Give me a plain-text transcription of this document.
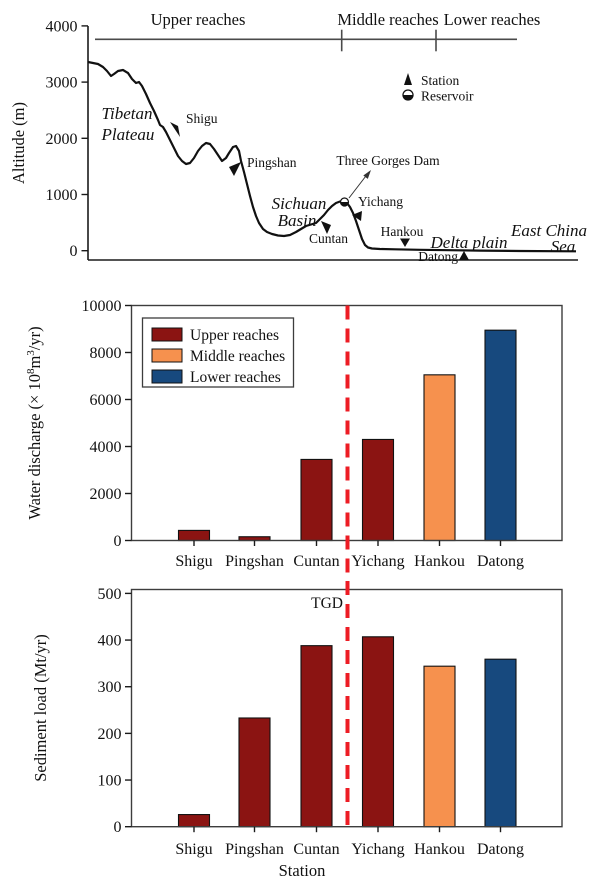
0
1000
2000
3000
4000
Altitude (m)
Upper reaches	Middle reaches Lower reaches
Station
Reservoir
Shigu
Pingshan
Cuntan
Yichang
Hankou
Datong
Three Gorges Dam
Tibetan
Plateau
Sichuan
Basin
Delta plain
East China
Sea
0
2000
4000
6000
8000
10000
Shigu Pingshan Cuntan Yichang Hankou Datong
Water discharge (× $10^8m^3/yr$)	Upper reaches
Middle reaches
Lower reaches
0
100
200
300
400
500
Shigu Pingshan Cuntan Yichang Hankou Datong
Sediment load (Mt/yr)
TGD
Station
